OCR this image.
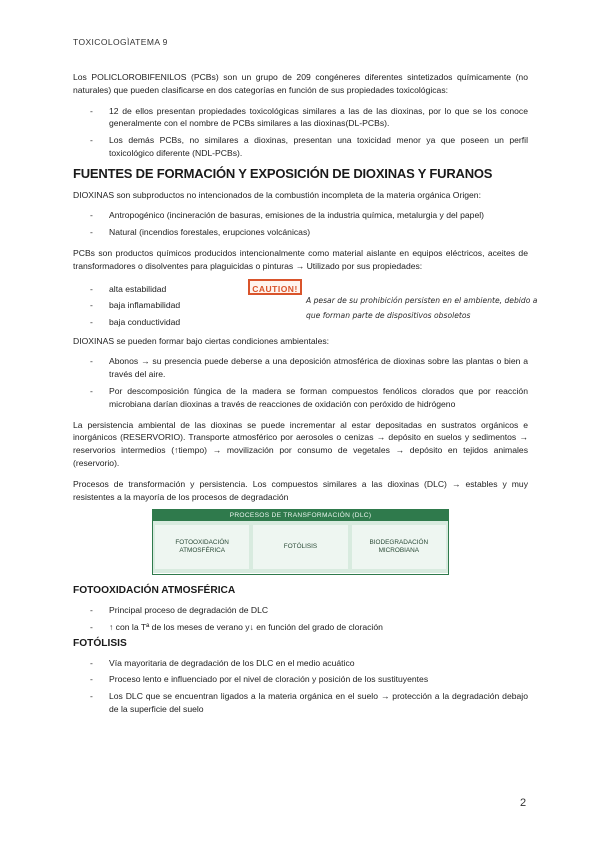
TOXICOLOGÌATEMA 9

Los POLICLOROBIFENILOS (PCBs) son un grupo de 209 congéneres diferentes sintetizados químicamente (no naturales) que pueden clasificarse en dos categorías en función de sus propiedades toxicológicas:

- 12 de ellos presentan propiedades toxicológicas similares a las de las dioxinas, por lo que se los conoce generalmente con el nombre de PCBs similares a las dioxinas(DL-PCBs).
- Los demás PCBs, no similares a dioxinas, presentan una toxicidad menor ya que poseen un perfil toxicológico diferente (NDL-PCBs).
FUENTES DE FORMACIÓN Y EXPOSICIÓN DE DIOXINAS Y FURANOS

DIOXINAS son subproductos no intencionados de la combustión incompleta de la materia orgánica Origen:

- Antropogénico (incineración de basuras, emisiones de la industria química, metalurgia y del papel)
- Natural (incendios forestales, erupciones volcánicas)

PCBs son productos químicos producidos intencionalmente como material aislante en equipos eléctricos, aceites de transformadores o disolventes para plaguicidas o pinturas → Utilizado por sus propiedades:

- alta estabilidad
- baja inflamabilidad
- baja conductividad
CAUTION!
A pesar de su prohibición persisten en el ambiente, debido a que forman parte de dispositivos obsoletos

DIOXINAS se pueden formar bajo ciertas condiciones ambientales:

- Abonos → su presencia puede deberse a una deposición atmosférica de dioxinas sobre las plantas o bien a través del aire.
- Por descomposición fúngica de la madera se forman compuestos fenólicos clorados que por reacción microbiana darían dioxinas a través de reacciones de oxidación con peróxido de hidrógeno

La persistencia ambiental de las dioxinas se puede incrementar al estar depositadas en sustratos orgánicos e inorgánicos (RESERVORIO). Transporte atmosférico por aerosoles o cenizas → depósito en suelos y sedimentos → reservorios intermedios (↑tiempo) → movilización por consumo de vegetales → depósito en tejidos animales (reservorio).

Procesos de transformación y persistencia. Los compuestos similares a las dioxinas (DLC) → estables y muy resistentes a la mayoría de los procesos de degradación

PROCESOS DE TRANSFORMACIÓN (DLC)
FOTOOXIDACIÓN ATMOSFÉRICA
FOTÓLISIS
BIODEGRADACIÓN MICROBIANA
FOTOOXIDACIÓN ATMOSFÉRICA
- Principal proceso de degradación de DLC
- ↑ con la Tª de los meses de verano y↓ en función del grado de cloración
FOTÓLISIS
- Vía mayoritaria de degradación de los DLC en el medio acuático
- Proceso lento e influenciado por el nivel de cloración y posición de los sustituyentes
- Los DLC que se encuentran ligados a la materia orgánica en el suelo → protección a la degradación debajo de la superficie del suelo
2
